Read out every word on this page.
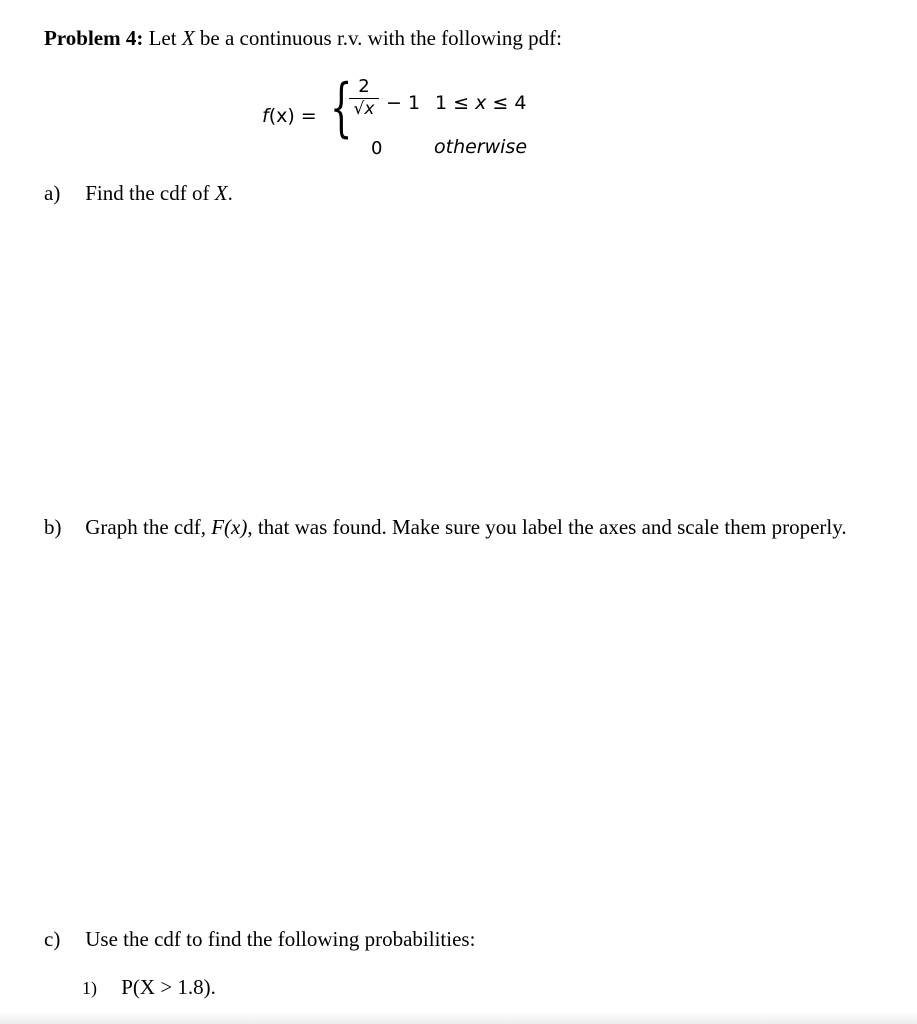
Problem 4: Let X be a continuous r.v. with the following pdf:
f(x) = { 2
√x − 1 1 ≤ x ≤ 4
0	otherwise
a) Find the cdf of X.
b) Graph the cdf, F(x), that was found. Make sure you label the axes and scale them properly.
c) Use the cdf to find the following probabilities:
1) P(X > 1.8).
